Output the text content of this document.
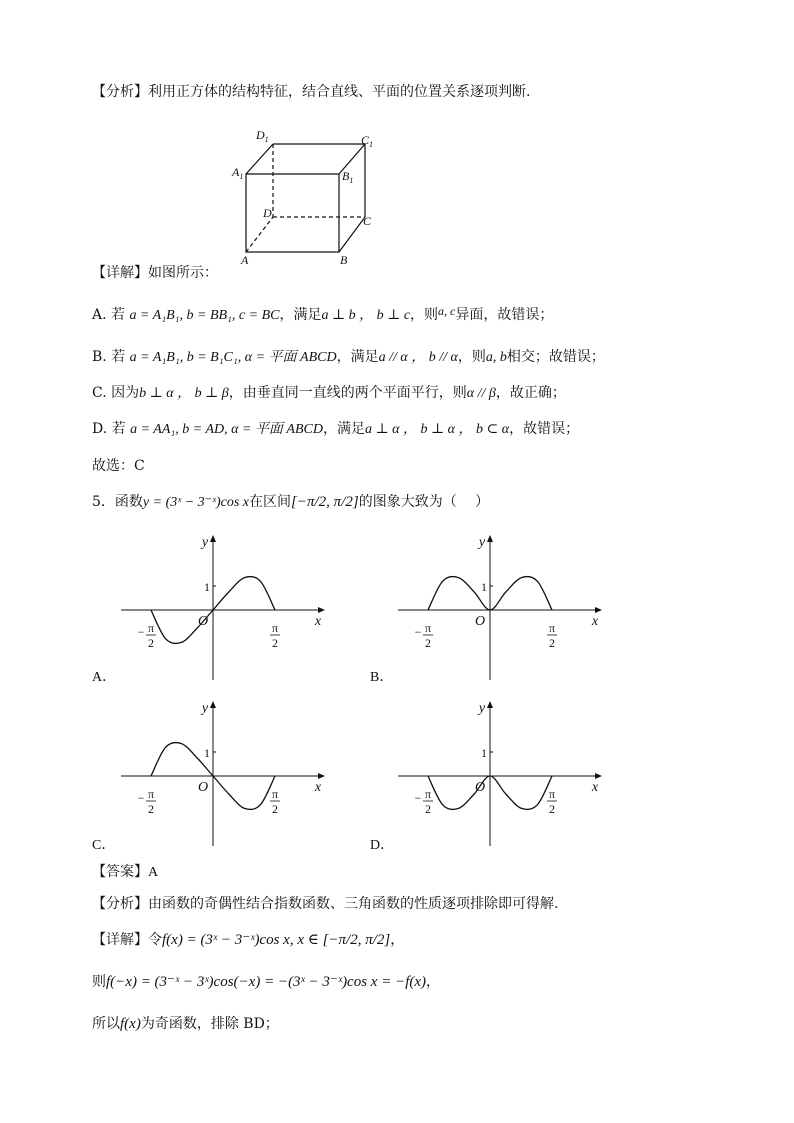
【分析】利用正方体的结构特征，结合直线、平面的位置关系逐项判断.
$D_1$	$C_1$
$A_1$	$B_1$
D
C
A	B
【详解】如图所示：
A. 若 a = A₁B₁, b = BB₁, c = BC，满足a ⊥ b ， b ⊥ c，则a, c异面，故错误；
B. 若 a = A₁B₁, b = B₁C₁, α = 平面 ABCD，满足a // α ， b // α，则a, b相交；故错误；
C. 因为b ⊥ α ， b ⊥ β，由垂直同一直线的两个平面平行，则α // β，故正确；
D. 若 a = AA₁, b = AD, α = 平面 ABCD，满足a ⊥ α ， b ⊥ α ， b ⊂ α，故错误；
故选：C
5．函数y = (3ˣ − 3⁻ˣ)cos x在区间[−π/2, π/2]的图象大致为（　 ）
y
x
O
1
− π
2
π
2
y
x
O
1
− π
2
π
2
y
x
O
1
− π
2
π
2
y
x
O
1
− π
2
π
2
A．	B．
C．	D．
【答案】A
【分析】由函数的奇偶性结合指数函数、三角函数的性质逐项排除即可得解.
【详解】令f(x) = (3ˣ − 3⁻ˣ)cos x, x ∈ [−π/2, π/2]，
则f(−x) = (3⁻ˣ − 3ˣ)cos(−x) = −(3ˣ − 3⁻ˣ)cos x = −f(x)，
所以f(x)为奇函数，排除 BD；
